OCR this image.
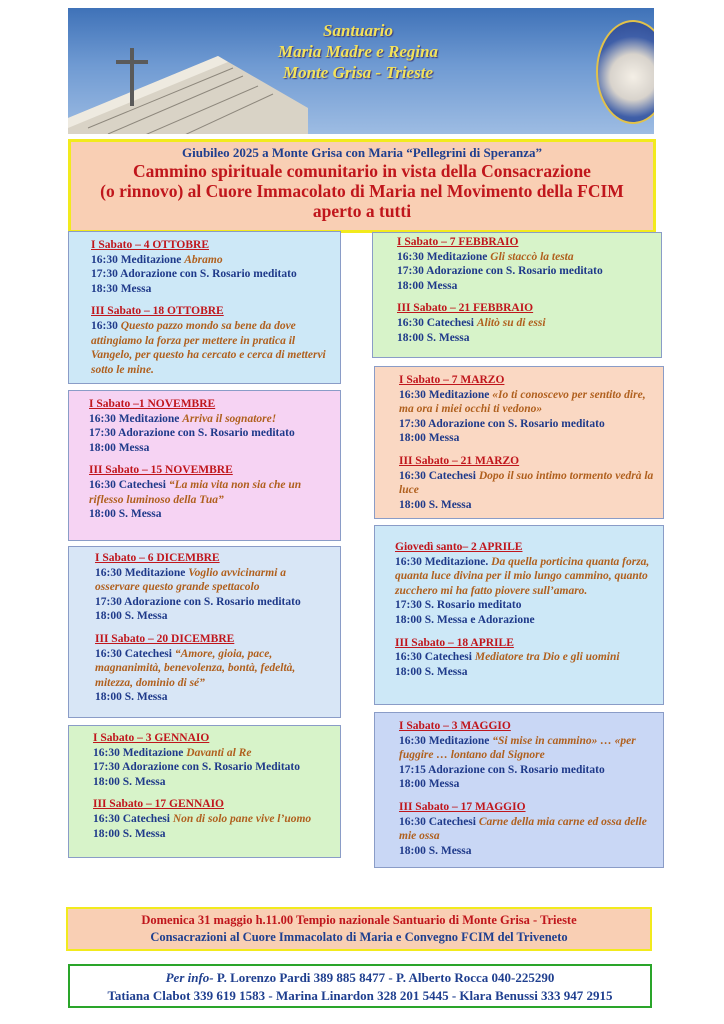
Santuario
Maria Madre e Regina
Monte Grisa - Trieste
Giubileo 2025 a Monte Grisa con Maria “Pellegrini di Speranza”
Cammino spirituale comunitario in vista della Consacrazione
(o rinnovo) al Cuore Immacolato di Maria nel Movimento della FCIM
aperto a tutti
I Sabato – 4 OTTOBRE
16:30 Meditazione Abramo
17:30 Adorazione con S. Rosario meditato
18:30 Messa
III Sabato – 18 OTTOBRE
16:30 Questo pazzo mondo sa bene da dove attingiamo la forza per mettere in pratica il Vangelo, per questo ha cercato e cerca di mettervi sotto le mine.
I Sabato –1 NOVEMBRE
16:30 Meditazione Arriva il sognatore!
17:30 Adorazione con S. Rosario meditato
18:00 Messa
III Sabato – 15 NOVEMBRE
16:30 Catechesi “La mia vita non sia che un riflesso luminoso della Tua”
18:00 S. Messa
I Sabato – 6 DICEMBRE
16:30 Meditazione Voglio avvicinarmi a osservare questo grande spettacolo
17:30 Adorazione con S. Rosario meditato
18:00 S. Messa
III Sabato – 20 DICEMBRE
16:30 Catechesi “Amore, gioia, pace, magnanimità, benevolenza, bontà, fedeltà, mitezza, dominio di sé”
18:00 S. Messa
I Sabato – 3 GENNAIO
16:30 Meditazione Davanti al Re
17:30 Adorazione con S. Rosario Meditato
18:00 S. Messa
III Sabato – 17 GENNAIO
16:30 Catechesi Non di solo pane vive l’uomo
18:00 S. Messa
I Sabato – 7 FEBBRAIO
16:30 Meditazione Gli staccò la testa
17:30 Adorazione con S. Rosario meditato
18:00 Messa
III Sabato – 21 FEBBRAIO
16:30 Catechesi Alitò su di essi
18:00 S. Messa
I Sabato – 7 MARZO
16:30 Meditazione «Io ti conoscevo per sentito dire, ma ora i miei occhi ti vedono»
17:30 Adorazione con S. Rosario meditato
18:00 Messa
III Sabato – 21 MARZO
16:30 Catechesi Dopo il suo intimo tormento vedrà la luce
18:00 S. Messa
Giovedì santo– 2 APRILE
16:30 Meditazione. Da quella porticina quanta forza, quanta luce divina per il mio lungo cammino, quanto zucchero mi ha fatto piovere sull’amaro.
17:30 S. Rosario meditato
18:00 S. Messa e Adorazione
III Sabato – 18 APRILE
16:30 Catechesi Mediatore tra Dio e gli uomini
18:00 S. Messa
I Sabato – 3 MAGGIO
16:30 Meditazione “Si mise in cammino» … «per fuggire … lontano dal Signore
17:15 Adorazione con S. Rosario meditato
18:00 Messa
III Sabato – 17 MAGGIO
16:30 Catechesi Carne della mia carne ed ossa delle mie ossa
18:00 S. Messa
Domenica 31 maggio h.11.00 Tempio nazionale Santuario di Monte Grisa - Trieste
Consacrazioni al Cuore Immacolato di Maria e Convegno FCIM del Triveneto
Per info- P. Lorenzo Pardi 389 885 8477 - P. Alberto Rocca 040-225290
Tatiana Clabot 339 619 1583 - Marina Linardon 328 201 5445 - Klara Benussi 333 947 2915
